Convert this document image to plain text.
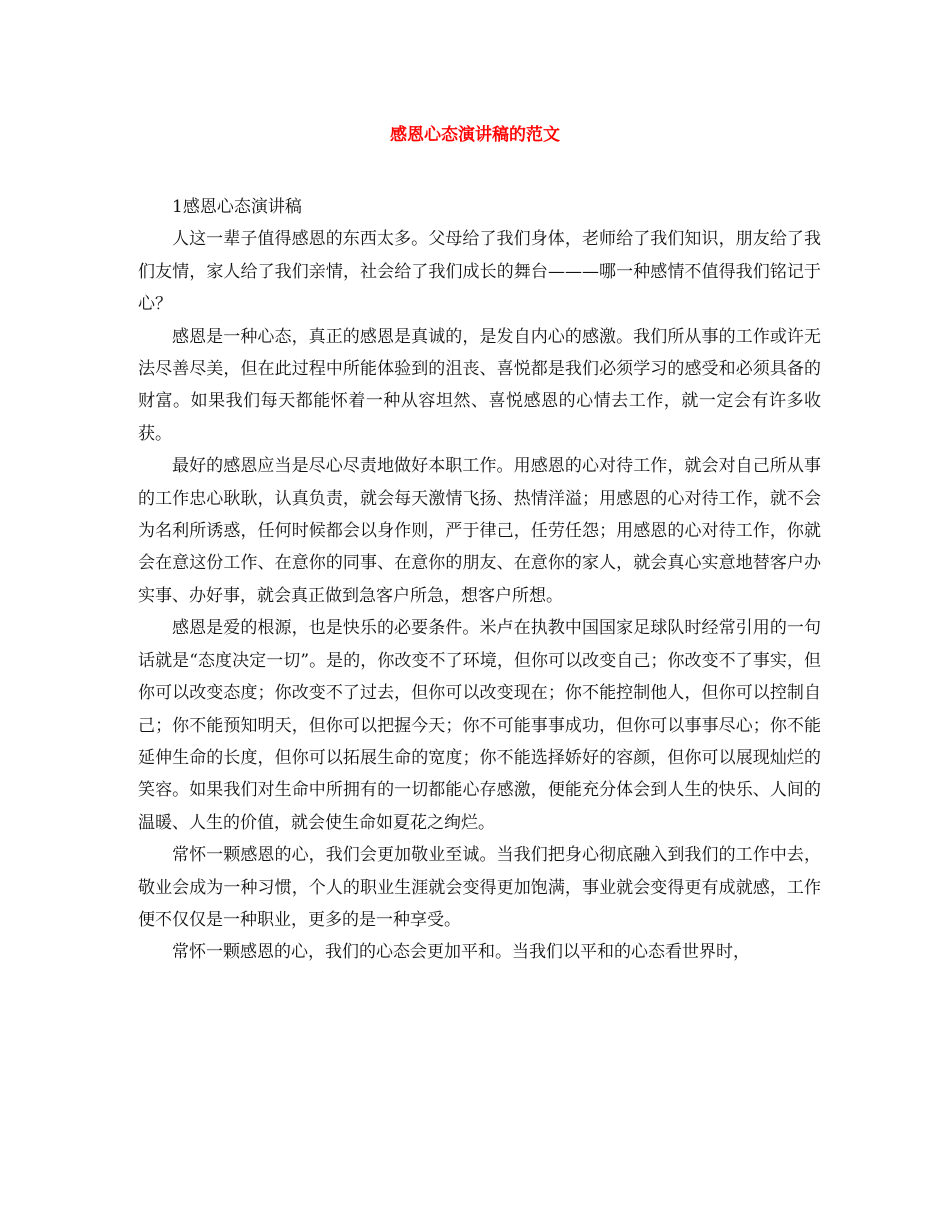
感恩心态演讲稿的范文

1感恩心态演讲稿

人这一辈子值得感恩的东西太多。父母给了我们身体，老师给了我们知识，朋友给了我们友情，家人给了我们亲情，社会给了我们成长的舞台———哪一种感情不值得我们铭记于心？

感恩是一种心态，真正的感恩是真诚的，是发自内心的感激。我们所从事的工作或许无法尽善尽美，但在此过程中所能体验到的沮丧、喜悦都是我们必须学习的感受和必须具备的财富。如果我们每天都能怀着一种从容坦然、喜悦感恩的心情去工作，就一定会有许多收获。

最好的感恩应当是尽心尽责地做好本职工作。用感恩的心对待工作，就会对自己所从事的工作忠心耿耿，认真负责，就会每天激情飞扬、热情洋溢；用感恩的心对待工作，就不会为名利所诱惑，任何时候都会以身作则，严于律己，任劳任怨；用感恩的心对待工作，你就会在意这份工作、在意你的同事、在意你的朋友、在意你的家人，就会真心实意地替客户办实事、办好事，就会真正做到急客户所急，想客户所想。

感恩是爱的根源，也是快乐的必要条件。米卢在执教中国国家足球队时经常引用的一句话就是“态度决定一切”。是的，你改变不了环境，但你可以改变自己；你改变不了事实，但你可以改变态度；你改变不了过去，但你可以改变现在；你不能控制他人，但你可以控制自己；你不能预知明天，但你可以把握今天；你不可能事事成功，但你可以事事尽心；你不能延伸生命的长度，但你可以拓展生命的宽度；你不能选择娇好的容颜，但你可以展现灿烂的笑容。如果我们对生命中所拥有的一切都能心存感激，便能充分体会到人生的快乐、人间的温暖、人生的价值，就会使生命如夏花之绚烂。

常怀一颗感恩的心，我们会更加敬业至诚。当我们把身心彻底融入到我们的工作中去，敬业会成为一种习惯，个人的职业生涯就会变得更加饱满，事业就会变得更有成就感，工作便不仅仅是一种职业，更多的是一种享受。

常怀一颗感恩的心，我们的心态会更加平和。当我们以平和的心态看世界时，
